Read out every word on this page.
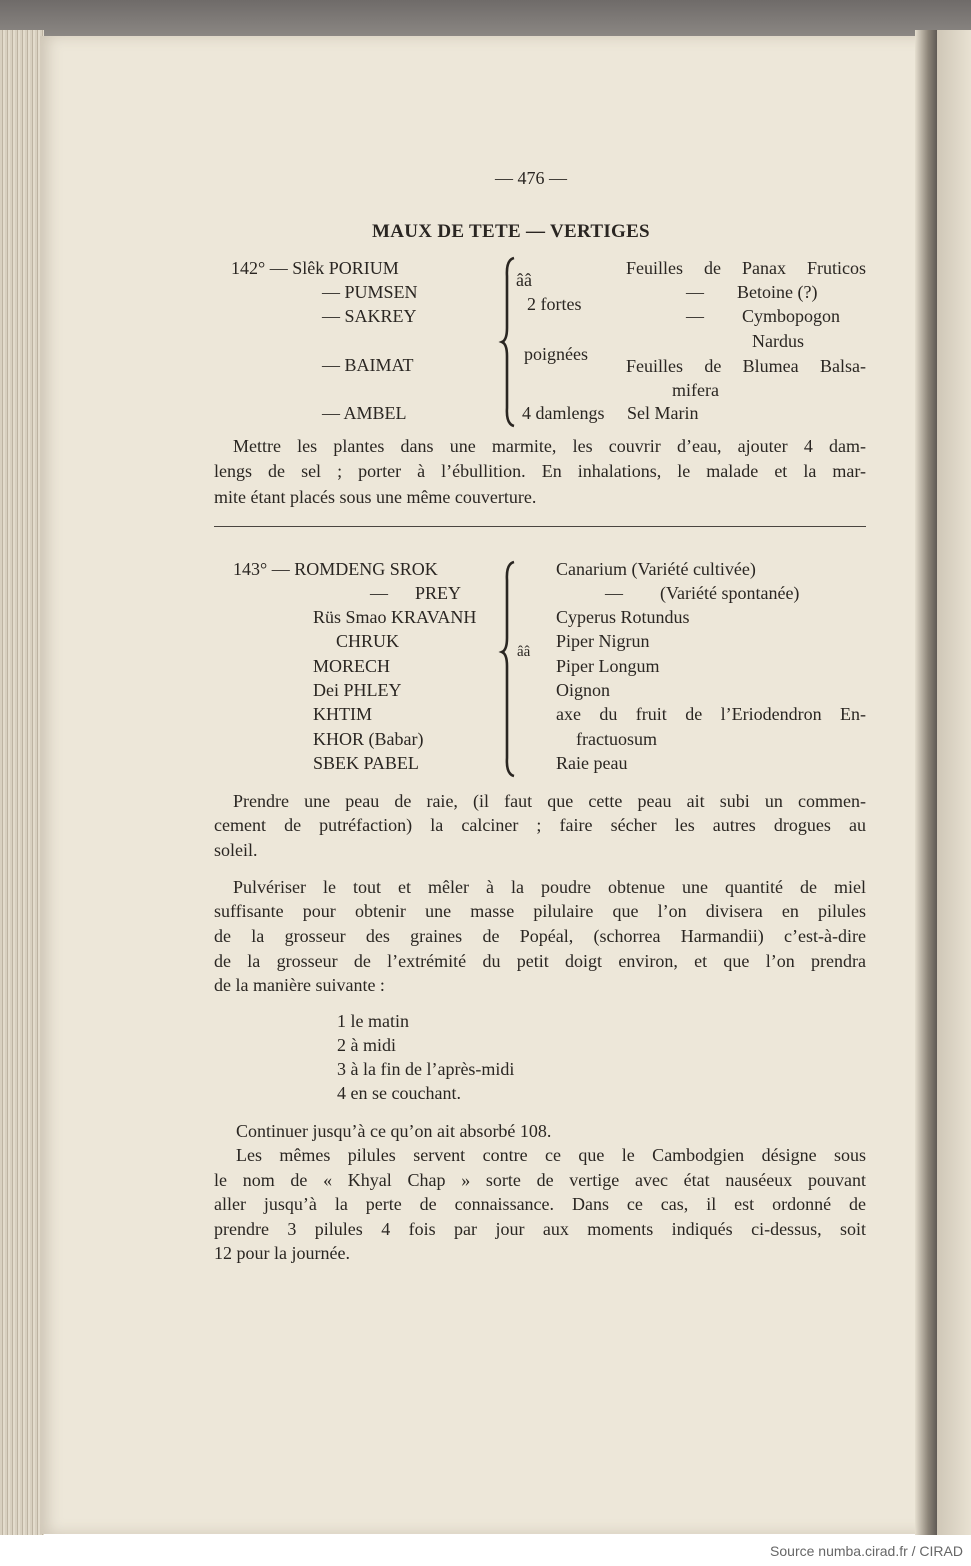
Source numba.cirad.fr / CIRAD
— 476 —
MAUX DE TETE — VERTIGES
142° — Slêk PORIUM
— PUMSEN
— SAKREY
— BAIMAT
— AMBEL
ââ
2 fortes
poignées
4 damlengs
Feuilles de Panax Fruticos
— Betoine (?)
— Cymbopogon
Nardus
Feuilles de Blumea Balsa-
mifera
Sel Marin
Mettre les plantes dans une marmite, les couvrir d’eau, ajouter 4 dam-
lengs de sel ; porter à l’ébullition. En inhalations, le malade et la mar-
mite étant placés sous une même couverture.
143° — ROMDENG SROK
— PREY
Rüs Smao KRAVANH
CHRUK
MORECH
Dei PHLEY
KHTIM
KHOR (Babar)
SBEK PABEL
ââ
Canarium (Variété cultivée)
— (Variété spontanée)
Cyperus Rotundus
Piper Nigrun
Piper Longum
Oignon
axe du fruit de l’Eriodendron En-
fractuosum
Raie peau
Prendre une peau de raie, (il faut que cette peau ait subi un commen-
cement de putréfaction) la calciner ; faire sécher les autres drogues au
soleil.
Pulvériser le tout et mêler à la poudre obtenue une quantité de miel
suffisante pour obtenir une masse pilulaire que l’on divisera en pilules
de la grosseur des graines de Popéal, (schorrea Harmandii) c’est-à-dire
de la grosseur de l’extrémité du petit doigt environ, et que l’on prendra
de la manière suivante :
1 le matin
2 à midi
3 à la fin de l’après-midi
4 en se couchant.
Continuer jusqu’à ce qu’on ait absorbé 108.
Les mêmes pilules servent contre ce que le Cambodgien désigne sous
le nom de « Khyal Chap » sorte de vertige avec état nauséeux pouvant
aller jusqu’à la perte de connaissance. Dans ce cas, il est ordonné de
prendre 3 pilules 4 fois par jour aux moments indiqués ci-dessus, soit
12 pour la journée.
